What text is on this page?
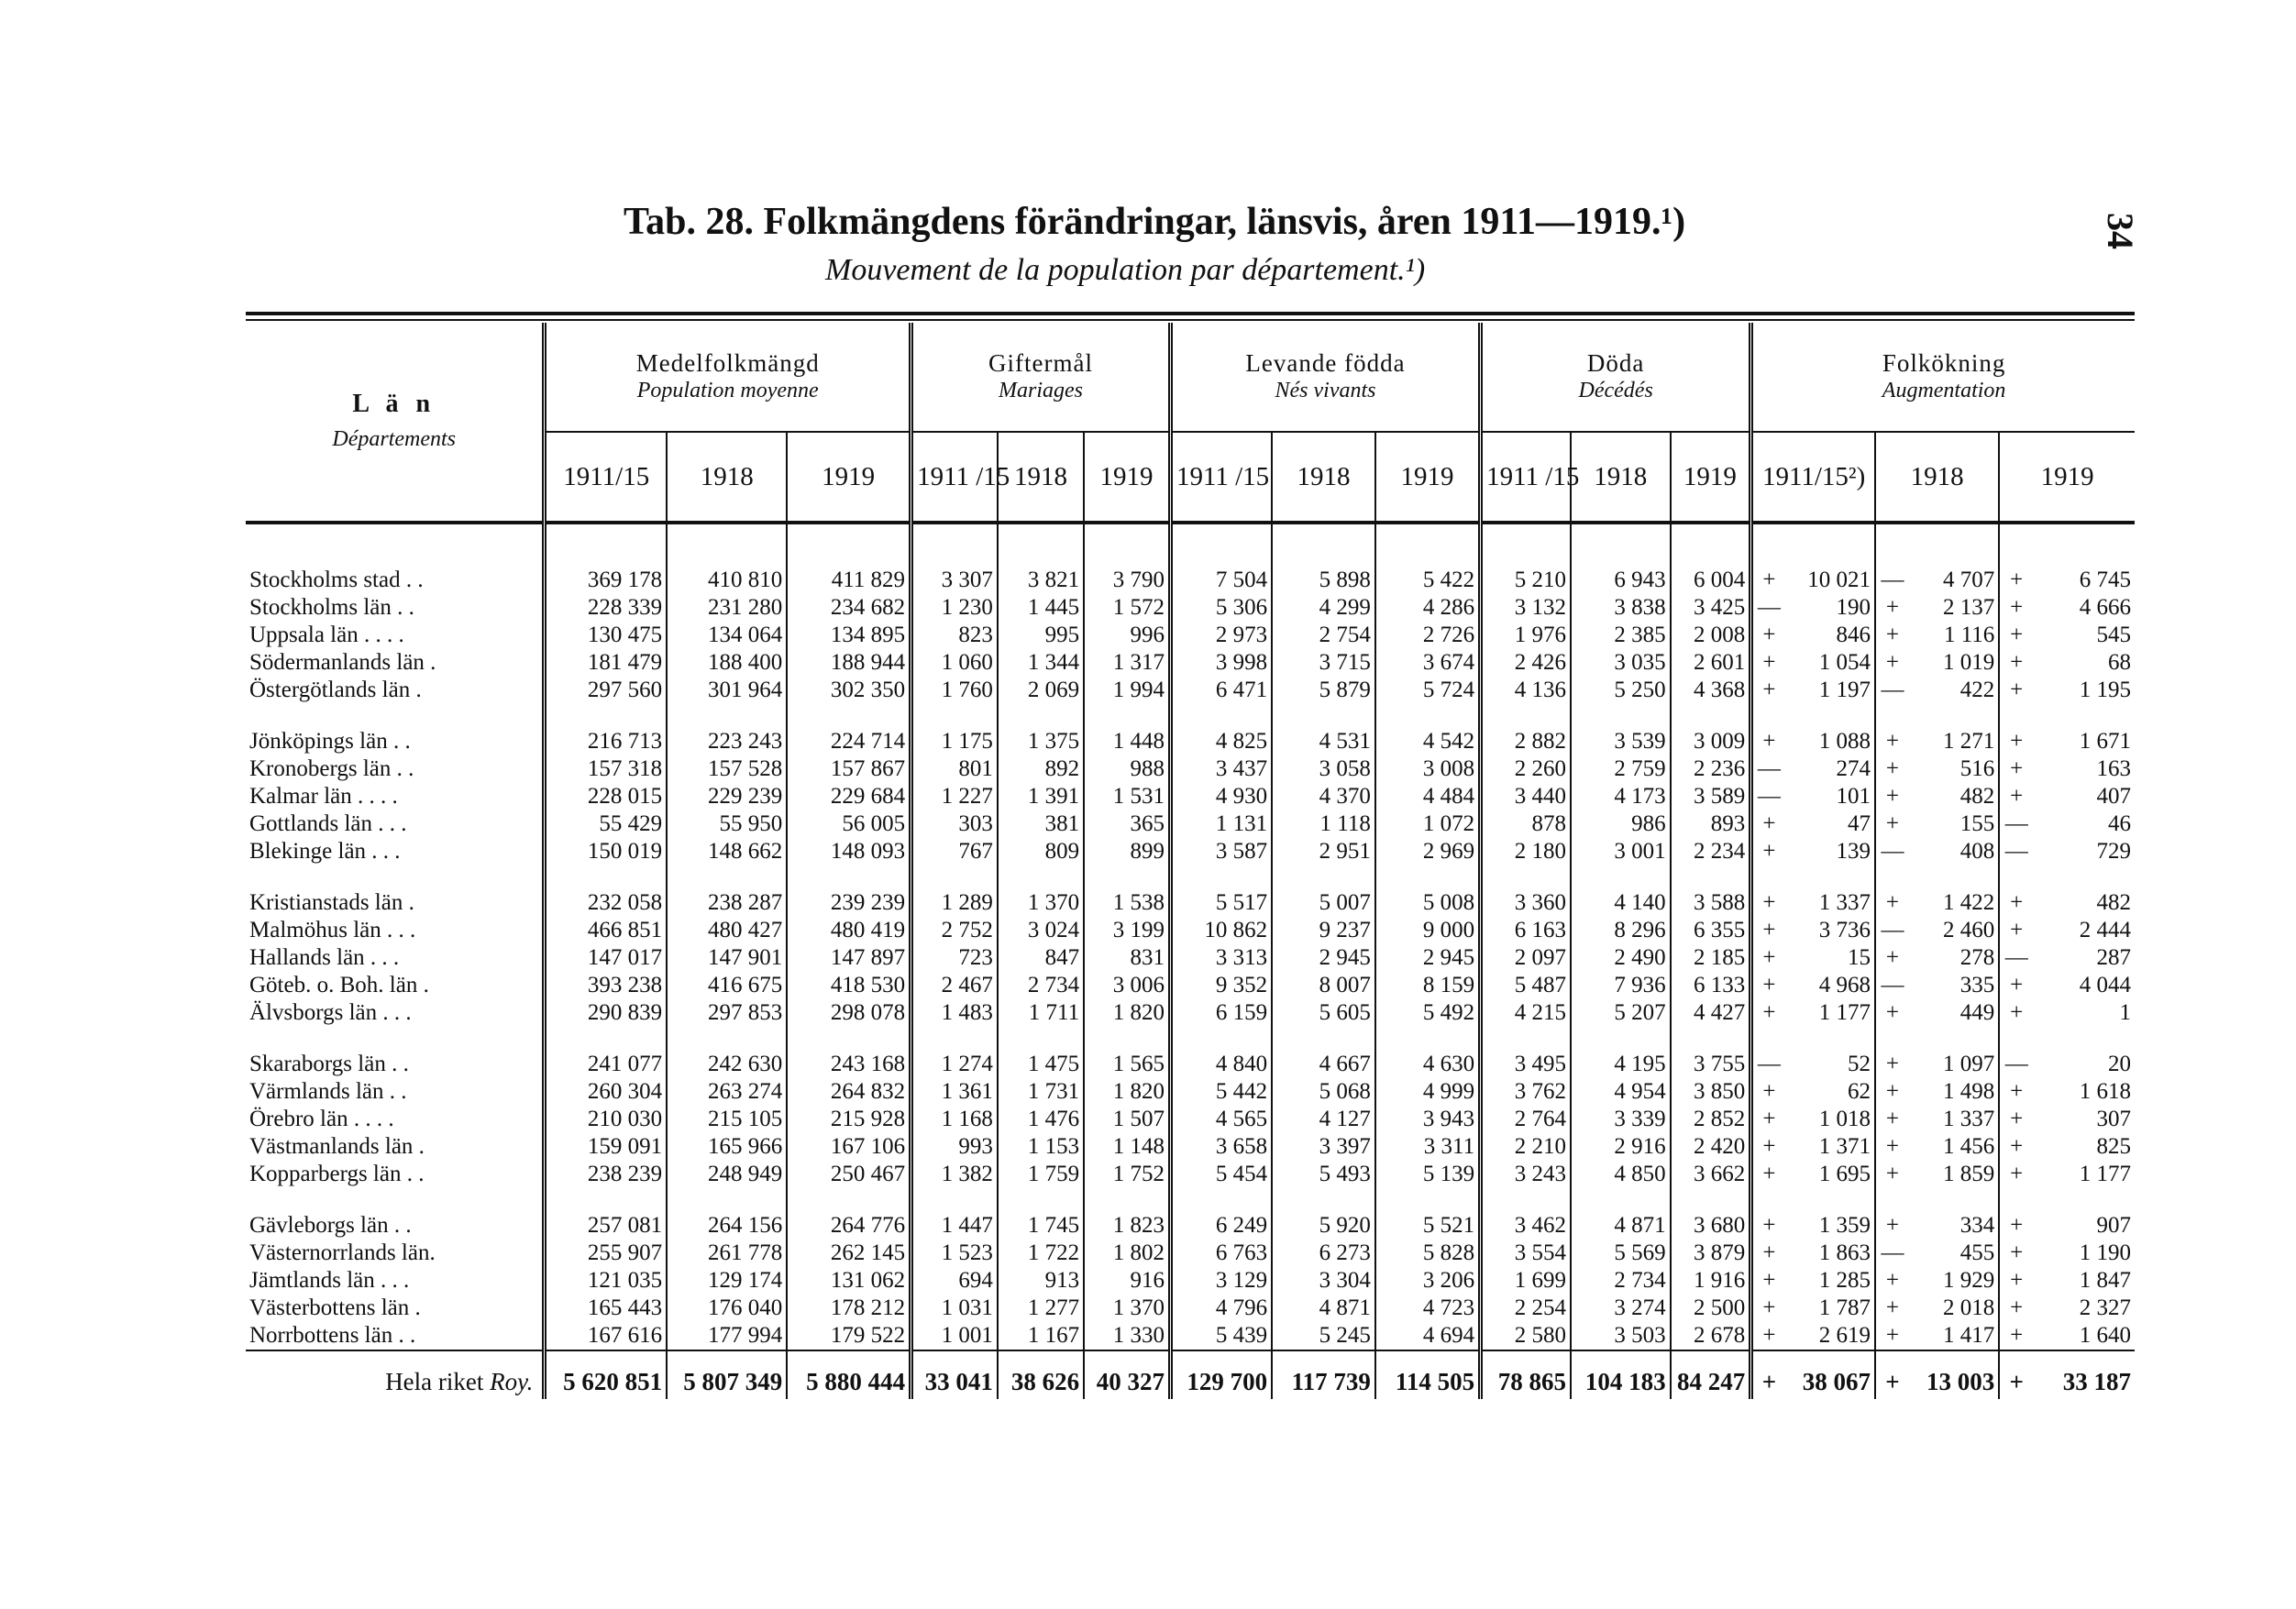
34
Tab. 28. Folkmängdens förändringar, länsvis, åren 1911—1919.¹)
Mouvement de la population par département.¹)
L ä n
Départements	Medelfolkmängd
Population moyenne			Giftermål
Mariages			Levande födda
Nés vivants			Döda
Décédés			Folkökning
Augmentation					

	1911/15	1918	1919	1911 /15	1918	1919	1911 /15	1918	1919	1911 /15	1918	1919	1911/15²)		1918		1919	
Stockholms stad . .	369 178	410 810	411 829	3 307	3 821	3 790	7 504	5 898	5 422	5 210	6 943	6 004	+	10 021	—	4 707	+	6 745
Stockholms län . .	228 339	231 280	234 682	1 230	1 445	1 572	5 306	4 299	4 286	3 132	3 838	3 425	—	190	+	2 137	+	4 666
Uppsala län . . . .	130 475	134 064	134 895	823	995	996	2 973	2 754	2 726	1 976	2 385	2 008	+	846	+	1 116	+	545
Södermanlands län .	181 479	188 400	188 944	1 060	1 344	1 317	3 998	3 715	3 674	2 426	3 035	2 601	+	1 054	+	1 019	+	68
Östergötlands län .	297 560	301 964	302 350	1 760	2 069	1 994	6 471	5 879	5 724	4 136	5 250	4 368	+	1 197	—	422	+	1 195

Jönköpings län . .	216 713	223 243	224 714	1 175	1 375	1 448	4 825	4 531	4 542	2 882	3 539	3 009	+	1 088	+	1 271	+	1 671
Kronobergs län . .	157 318	157 528	157 867	801	892	988	3 437	3 058	3 008	2 260	2 759	2 236	—	274	+	516	+	163
Kalmar län . . . .	228 015	229 239	229 684	1 227	1 391	1 531	4 930	4 370	4 484	3 440	4 173	3 589	—	101	+	482	+	407
Gottlands län . . .	55 429	55 950	56 005	303	381	365	1 131	1 118	1 072	878	986	893	+	47	+	155	—	46
Blekinge län . . .	150 019	148 662	148 093	767	809	899	3 587	2 951	2 969	2 180	3 001	2 234	+	139	—	408	—	729

Kristianstads län .	232 058	238 287	239 239	1 289	1 370	1 538	5 517	5 007	5 008	3 360	4 140	3 588	+	1 337	+	1 422	+	482
Malmöhus län . . .	466 851	480 427	480 419	2 752	3 024	3 199	10 862	9 237	9 000	6 163	8 296	6 355	+	3 736	—	2 460	+	2 444
Hallands län . . .	147 017	147 901	147 897	723	847	831	3 313	2 945	2 945	2 097	2 490	2 185	+	15	+	278	—	287
Göteb. o. Boh. län .	393 238	416 675	418 530	2 467	2 734	3 006	9 352	8 007	8 159	5 487	7 936	6 133	+	4 968	—	335	+	4 044
Älvsborgs län . . .	290 839	297 853	298 078	1 483	1 711	1 820	6 159	5 605	5 492	4 215	5 207	4 427	+	1 177	+	449	+	1

Skaraborgs län . .	241 077	242 630	243 168	1 274	1 475	1 565	4 840	4 667	4 630	3 495	4 195	3 755	—	52	+	1 097	—	20
Värmlands län . .	260 304	263 274	264 832	1 361	1 731	1 820	5 442	5 068	4 999	3 762	4 954	3 850	+	62	+	1 498	+	1 618
Örebro län . . . .	210 030	215 105	215 928	1 168	1 476	1 507	4 565	4 127	3 943	2 764	3 339	2 852	+	1 018	+	1 337	+	307
Västmanlands län .	159 091	165 966	167 106	993	1 153	1 148	3 658	3 397	3 311	2 210	2 916	2 420	+	1 371	+	1 456	+	825
Kopparbergs län . .	238 239	248 949	250 467	1 382	1 759	1 752	5 454	5 493	5 139	3 243	4 850	3 662	+	1 695	+	1 859	+	1 177

Gävleborgs län . .	257 081	264 156	264 776	1 447	1 745	1 823	6 249	5 920	5 521	3 462	4 871	3 680	+	1 359	+	334	+	907
Västernorrlands län.	255 907	261 778	262 145	1 523	1 722	1 802	6 763	6 273	5 828	3 554	5 569	3 879	+	1 863	—	455	+	1 190
Jämtlands län . . .	121 035	129 174	131 062	694	913	916	3 129	3 304	3 206	1 699	2 734	1 916	+	1 285	+	1 929	+	1 847
Västerbottens län .	165 443	176 040	178 212	1 031	1 277	1 370	4 796	4 871	4 723	2 254	3 274	2 500	+	1 787	+	2 018	+	2 327
Norrbottens län . .	167 616	177 994	179 522	1 001	1 167	1 330	5 439	5 245	4 694	2 580	3 503	2 678	+	2 619	+	1 417	+	1 640
Hela riket Roy.	5 620 851	5 807 349	5 880 444	33 041	38 626	40 327	129 700	117 739	114 505	78 865	104 183	84 247	+	38 067	+	13 003	+	33 187
